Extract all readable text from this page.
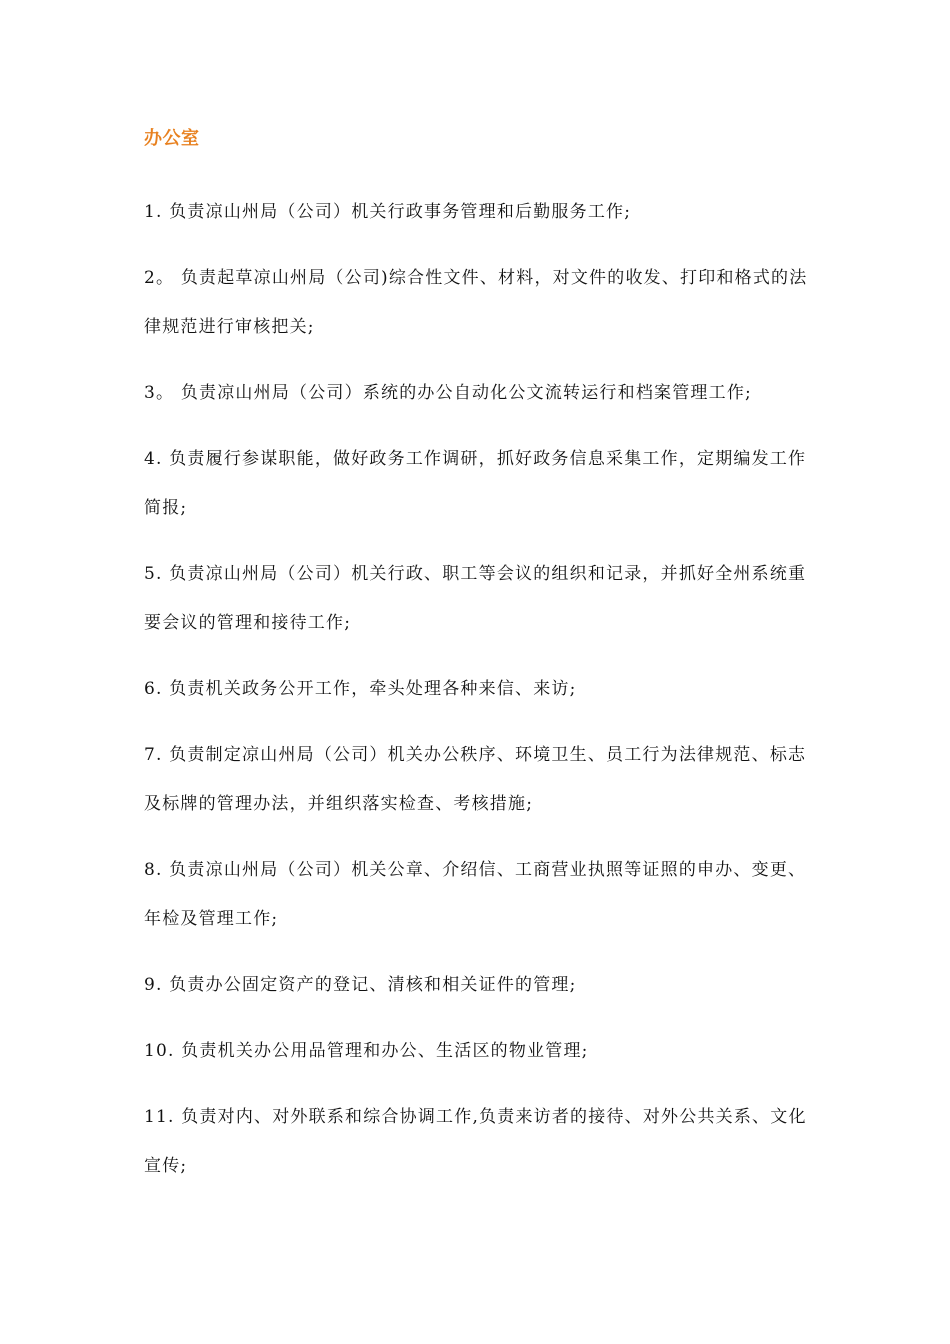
办公室
1. 负责凉山州局（公司）机关行政事务管理和后勤服务工作;
2。 负责起草凉山州局（公司)综合性文件、材料，对文件的收发、打印和格式的法律规范进行审核把关;
3。 负责凉山州局（公司）系统的办公自动化公文流转运行和档案管理工作;
4. 负责履行参谋职能，做好政务工作调研，抓好政务信息采集工作，定期编发工作简报;
5. 负责凉山州局（公司）机关行政、职工等会议的组织和记录，并抓好全州系统重要会议的管理和接待工作;
6. 负责机关政务公开工作，牵头处理各种来信、来访;
7. 负责制定凉山州局（公司）机关办公秩序、环境卫生、员工行为法律规范、标志及标牌的管理办法，并组织落实检查、考核措施;
8. 负责凉山州局（公司）机关公章、介绍信、工商营业执照等证照的申办、变更、年检及管理工作;
9. 负责办公固定资产的登记、清核和相关证件的管理;
10. 负责机关办公用品管理和办公、生活区的物业管理;
11. 负责对内、对外联系和综合协调工作,负责来访者的接待、对外公共关系、文化宣传;
